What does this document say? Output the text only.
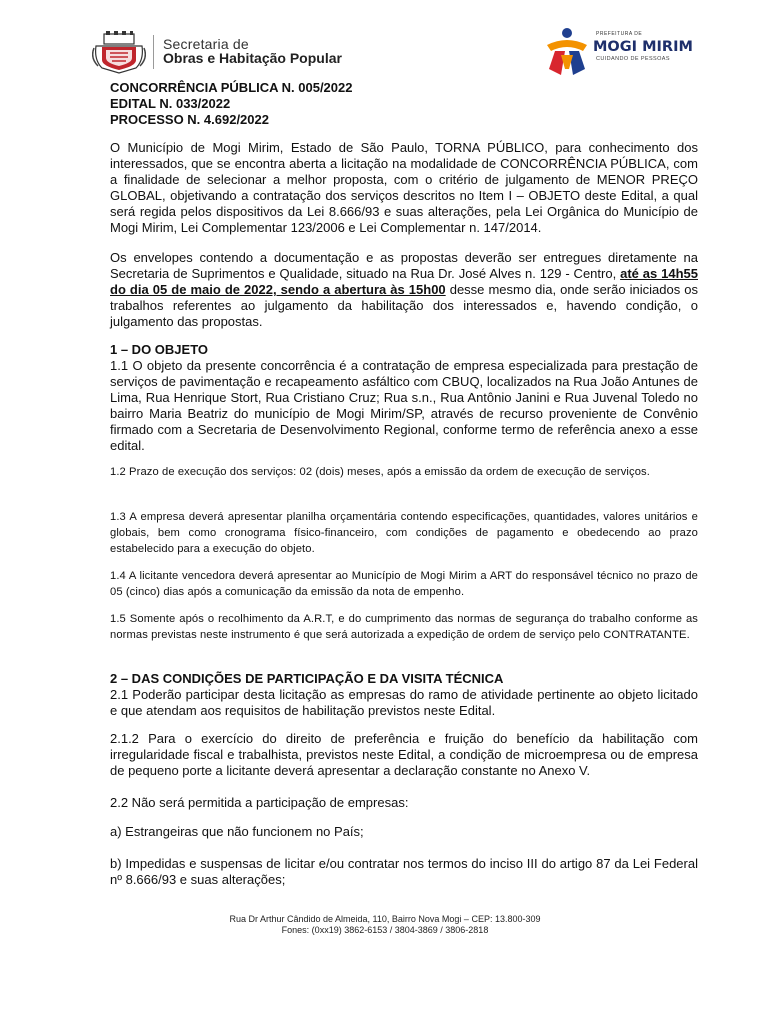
Secretaria de
Obras e Habitação Popular
PREFEITURA DE
MOGI MIRIM
CUIDANDO DE PESSOAS
CONCORRÊNCIA PÚBLICA N. 005/2022
EDITAL N. 033/2022
PROCESSO N. 4.692/2022

O Município de Mogi Mirim, Estado de São Paulo, TORNA PÚBLICO, para conhecimento dos interessados, que se encontra aberta a licitação na modalidade de CONCORRÊNCIA PÚBLICA, com a finalidade de selecionar a melhor proposta, com o critério de julgamento de MENOR PREÇO GLOBAL, objetivando a contratação dos serviços descritos no Item I – OBJETO deste Edital, a qual será regida pelos dispositivos da Lei 8.666/93 e suas alterações, pela Lei Orgânica do Município de Mogi Mirim, Lei Complementar 123/2006 e Lei Complementar n. 147/2014.

Os envelopes contendo a documentação e as propostas deverão ser entregues diretamente na Secretaria de Suprimentos e Qualidade, situado na Rua Dr. José Alves n. 129 - Centro, até as 14h55 do dia 05 de maio de 2022, sendo a abertura às 15h00 desse mesmo dia, onde serão iniciados os trabalhos referentes ao julgamento da habilitação dos interessados e, havendo condição, o julgamento das propostas.

1 – DO OBJETO

1.1 O objeto da presente concorrência é a contratação de empresa especializada para prestação de serviços de pavimentação e recapeamento asfáltico com CBUQ, localizados na Rua João Antunes de Lima, Rua Henrique Stort, Rua Cristiano Cruz; Rua s.n., Rua Antônio Janini e Rua Juvenal Toledo no bairro Maria Beatriz do município de Mogi Mirim/SP, através de recurso proveniente de Convênio firmado com a Secretaria de Desenvolvimento Regional, conforme termo de referência anexo a esse edital.

1.2 Prazo de execução dos serviços: 02 (dois) meses, após a emissão da ordem de execução de serviços.

1.3 A empresa deverá apresentar planilha orçamentária contendo especificações, quantidades, valores unitários e globais, bem como cronograma físico-financeiro, com condições de pagamento e obedecendo ao prazo estabelecido para a execução do objeto.

1.4 A licitante vencedora deverá apresentar ao Município de Mogi Mirim a ART do responsável técnico no prazo de 05 (cinco) dias após a comunicação da emissão da nota de empenho.

1.5 Somente após o recolhimento da A.R.T, e do cumprimento das normas de segurança do trabalho conforme as normas previstas neste instrumento é que será autorizada a expedição de ordem de serviço pelo CONTRATANTE.

2 – DAS CONDIÇÕES DE PARTICIPAÇÃO E DA VISITA TÉCNICA

2.1 Poderão participar desta licitação as empresas do ramo de atividade pertinente ao objeto licitado e que atendam aos requisitos de habilitação previstos neste Edital.

2.1.2 Para o exercício do direito de preferência e fruição do benefício da habilitação com irregularidade fiscal e trabalhista, previstos neste Edital, a condição de microempresa ou de empresa de pequeno porte a licitante deverá apresentar a declaração constante no Anexo V.

2.2 Não será permitida a participação de empresas:

a) Estrangeiras que não funcionem no País;

b) Impedidas e suspensas de licitar e/ou contratar nos termos do inciso III do artigo 87 da Lei Federal nº 8.666/93 e suas alterações;

Rua Dr Arthur Cândido de Almeida, 110, Bairro Nova Mogi – CEP: 13.800-309
Fones: (0xx19) 3862-6153 / 3804-3869 / 3806-2818
